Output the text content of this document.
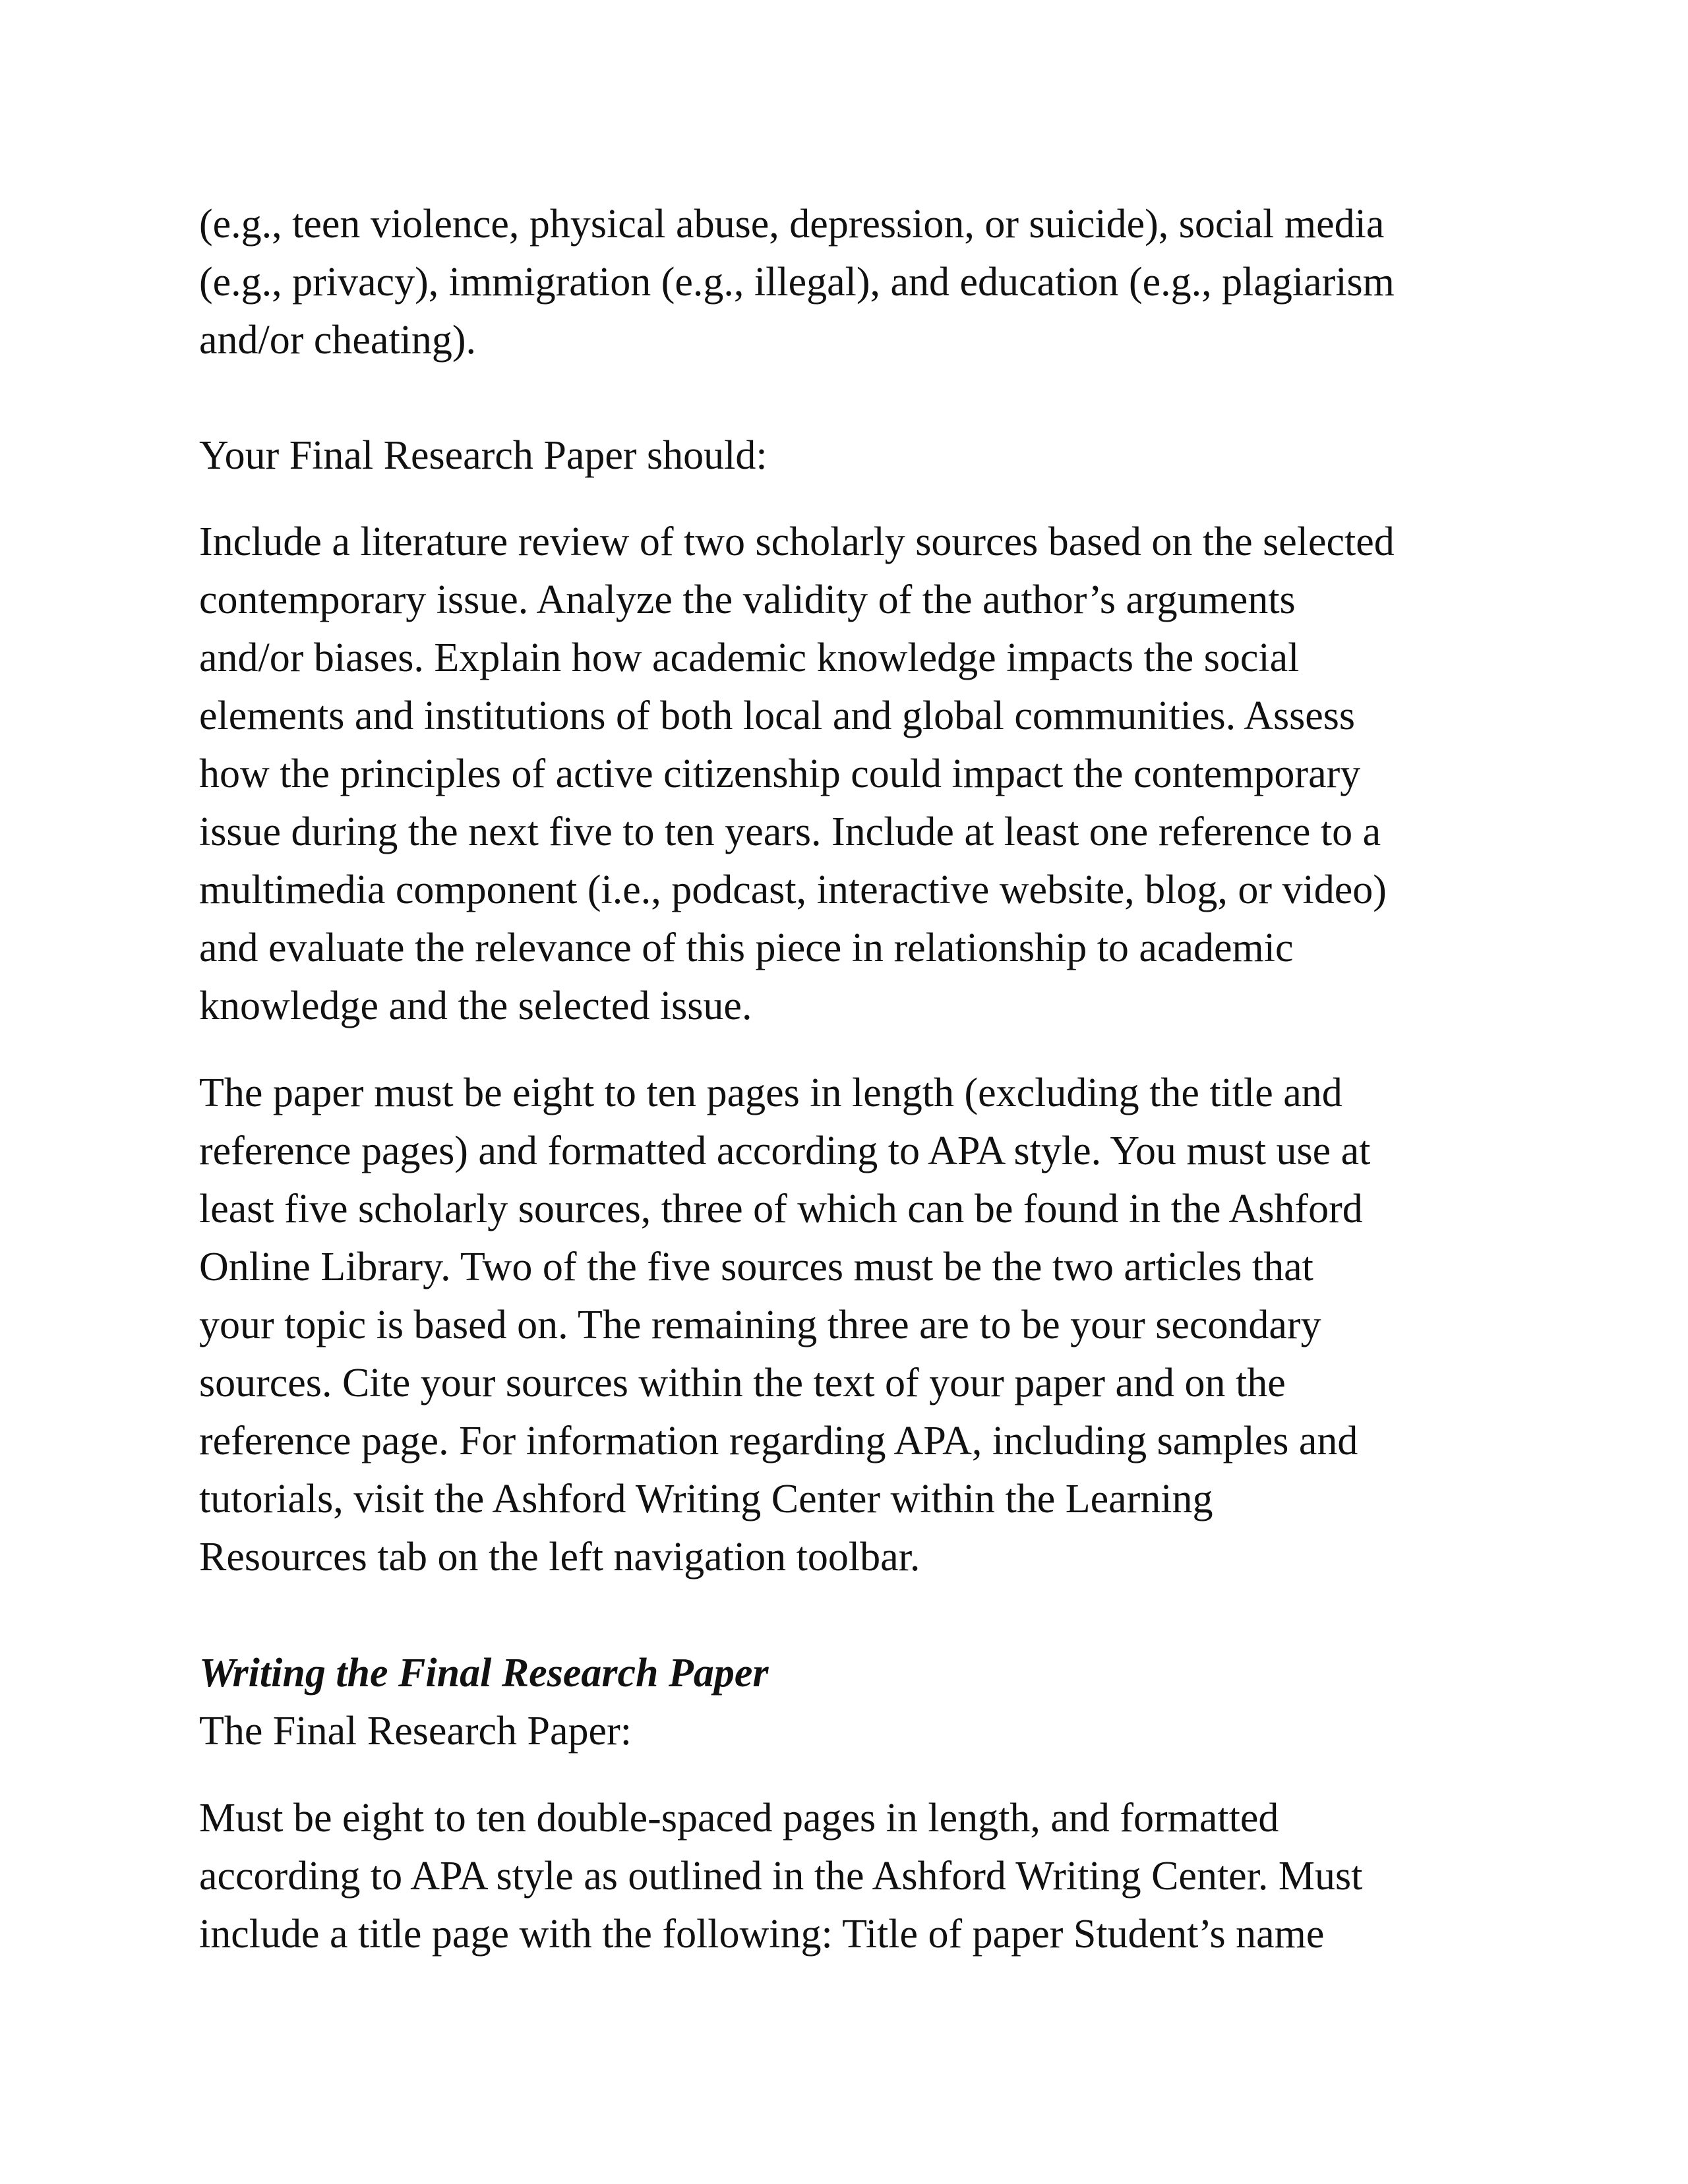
(e.g., teen violence, physical abuse, depression, or suicide), social media
(e.g., privacy), immigration (e.g., illegal), and education (e.g., plagiarism
and/or cheating).

Your Final Research Paper should:

Include a literature review of two scholarly sources based on the selected
contemporary issue. Analyze the validity of the author’s arguments
and/or biases. Explain how academic knowledge impacts the social
elements and institutions of both local and global communities. Assess
how the principles of active citizenship could impact the contemporary
issue during the next five to ten years. Include at least one reference to a
multimedia component (i.e., podcast, interactive website, blog, or video)
and evaluate the relevance of this piece in relationship to academic
knowledge and the selected issue.

The paper must be eight to ten pages in length (excluding the title and
reference pages) and formatted according to APA style. You must use at
least five scholarly sources, three of which can be found in the Ashford
Online Library. Two of the five sources must be the two articles that
your topic is based on. The remaining three are to be your secondary
sources. Cite your sources within the text of your paper and on the
reference page. For information regarding APA, including samples and
tutorials, visit the Ashford Writing Center within the Learning
Resources tab on the left navigation toolbar.

Writing the Final Research Paper
The Final Research Paper:

Must be eight to ten double-spaced pages in length, and formatted
according to APA style as outlined in the Ashford Writing Center. Must
include a title page with the following: Title of paper Student’s name
